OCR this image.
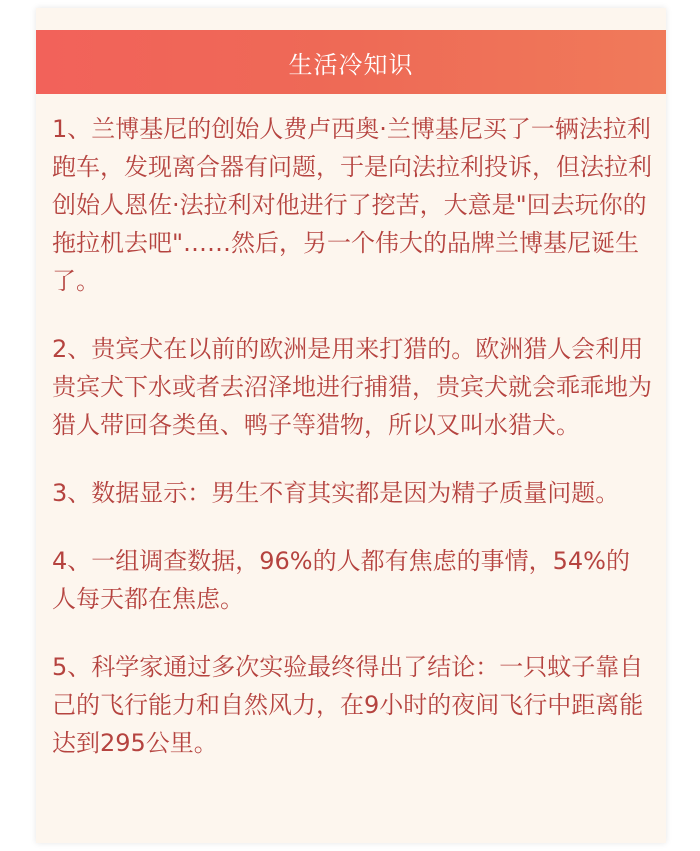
生活冷知识

1、兰博基尼的创始人费卢西奥·兰博基尼买了一辆法拉利跑车，发现离合器有问题，于是向法拉利投诉，但法拉利创始人恩佐·法拉利对他进行了挖苦，大意是"回去玩你的拖拉机去吧"……然后，另一个伟大的品牌兰博基尼诞生了。

2、贵宾犬在以前的欧洲是用来打猎的。欧洲猎人会利用贵宾犬下水或者去沼泽地进行捕猎，贵宾犬就会乖乖地为猎人带回各类鱼、鸭子等猎物，所以又叫水猎犬。

3、数据显示：男生不育其实都是因为精子质量问题。

4、一组调查数据，96%的人都有焦虑的事情，54%的人每天都在焦虑。

5、科学家通过多次实验最终得出了结论：一只蚊子靠自己的飞行能力和自然风力，在9小时的夜间飞行中距离能达到295公里。
